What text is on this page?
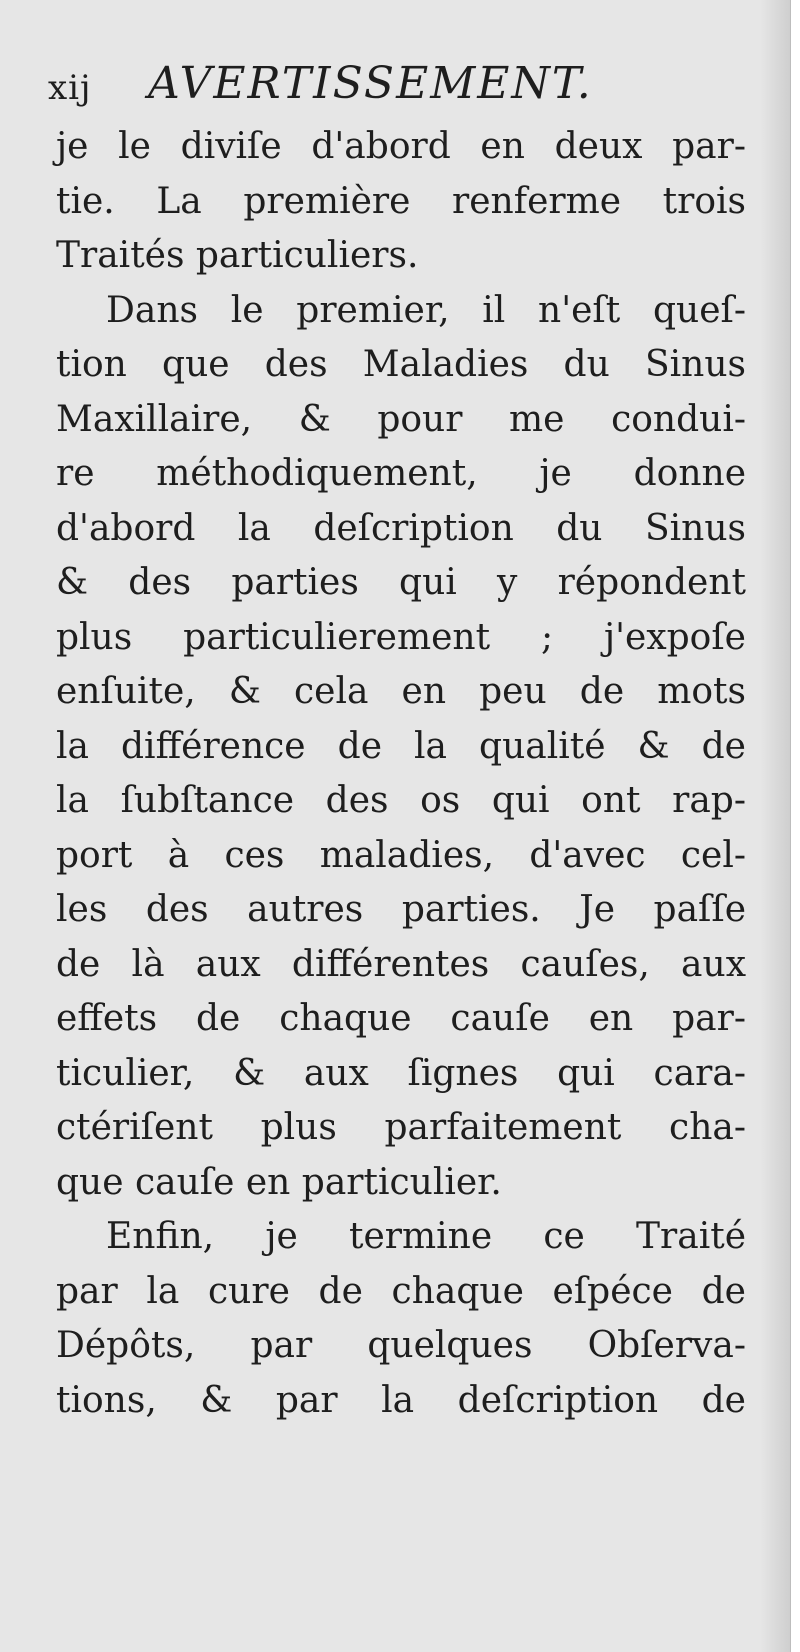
xij AVERTISSEMENT.
je le diviſe d'abord en deux par-
tie. La première renferme trois
Traités particuliers.
Dans le premier, il n'eſt queſ-
tion que des Maladies du Sinus
Maxillaire, & pour me condui-
re méthodiquement, je donne
d'abord la deſcription du Sinus
& des parties qui y répondent
plus particulierement ; j'expoſe
enſuite, & cela en peu de mots
la différence de la qualité & de
la ſubſtance des os qui ont rap-
port à ces maladies, d'avec cel-
les des autres parties. Je paſſe
de là aux différentes cauſes, aux
effets de chaque cauſe en par-
ticulier, & aux ſignes qui cara-
ctériſent plus parfaitement cha-
que cauſe en particulier.
Enfin, je termine ce Traité
par la cure de chaque eſpéce de
Dépôts, par quelques Obſerva-
tions, & par la deſcription de
